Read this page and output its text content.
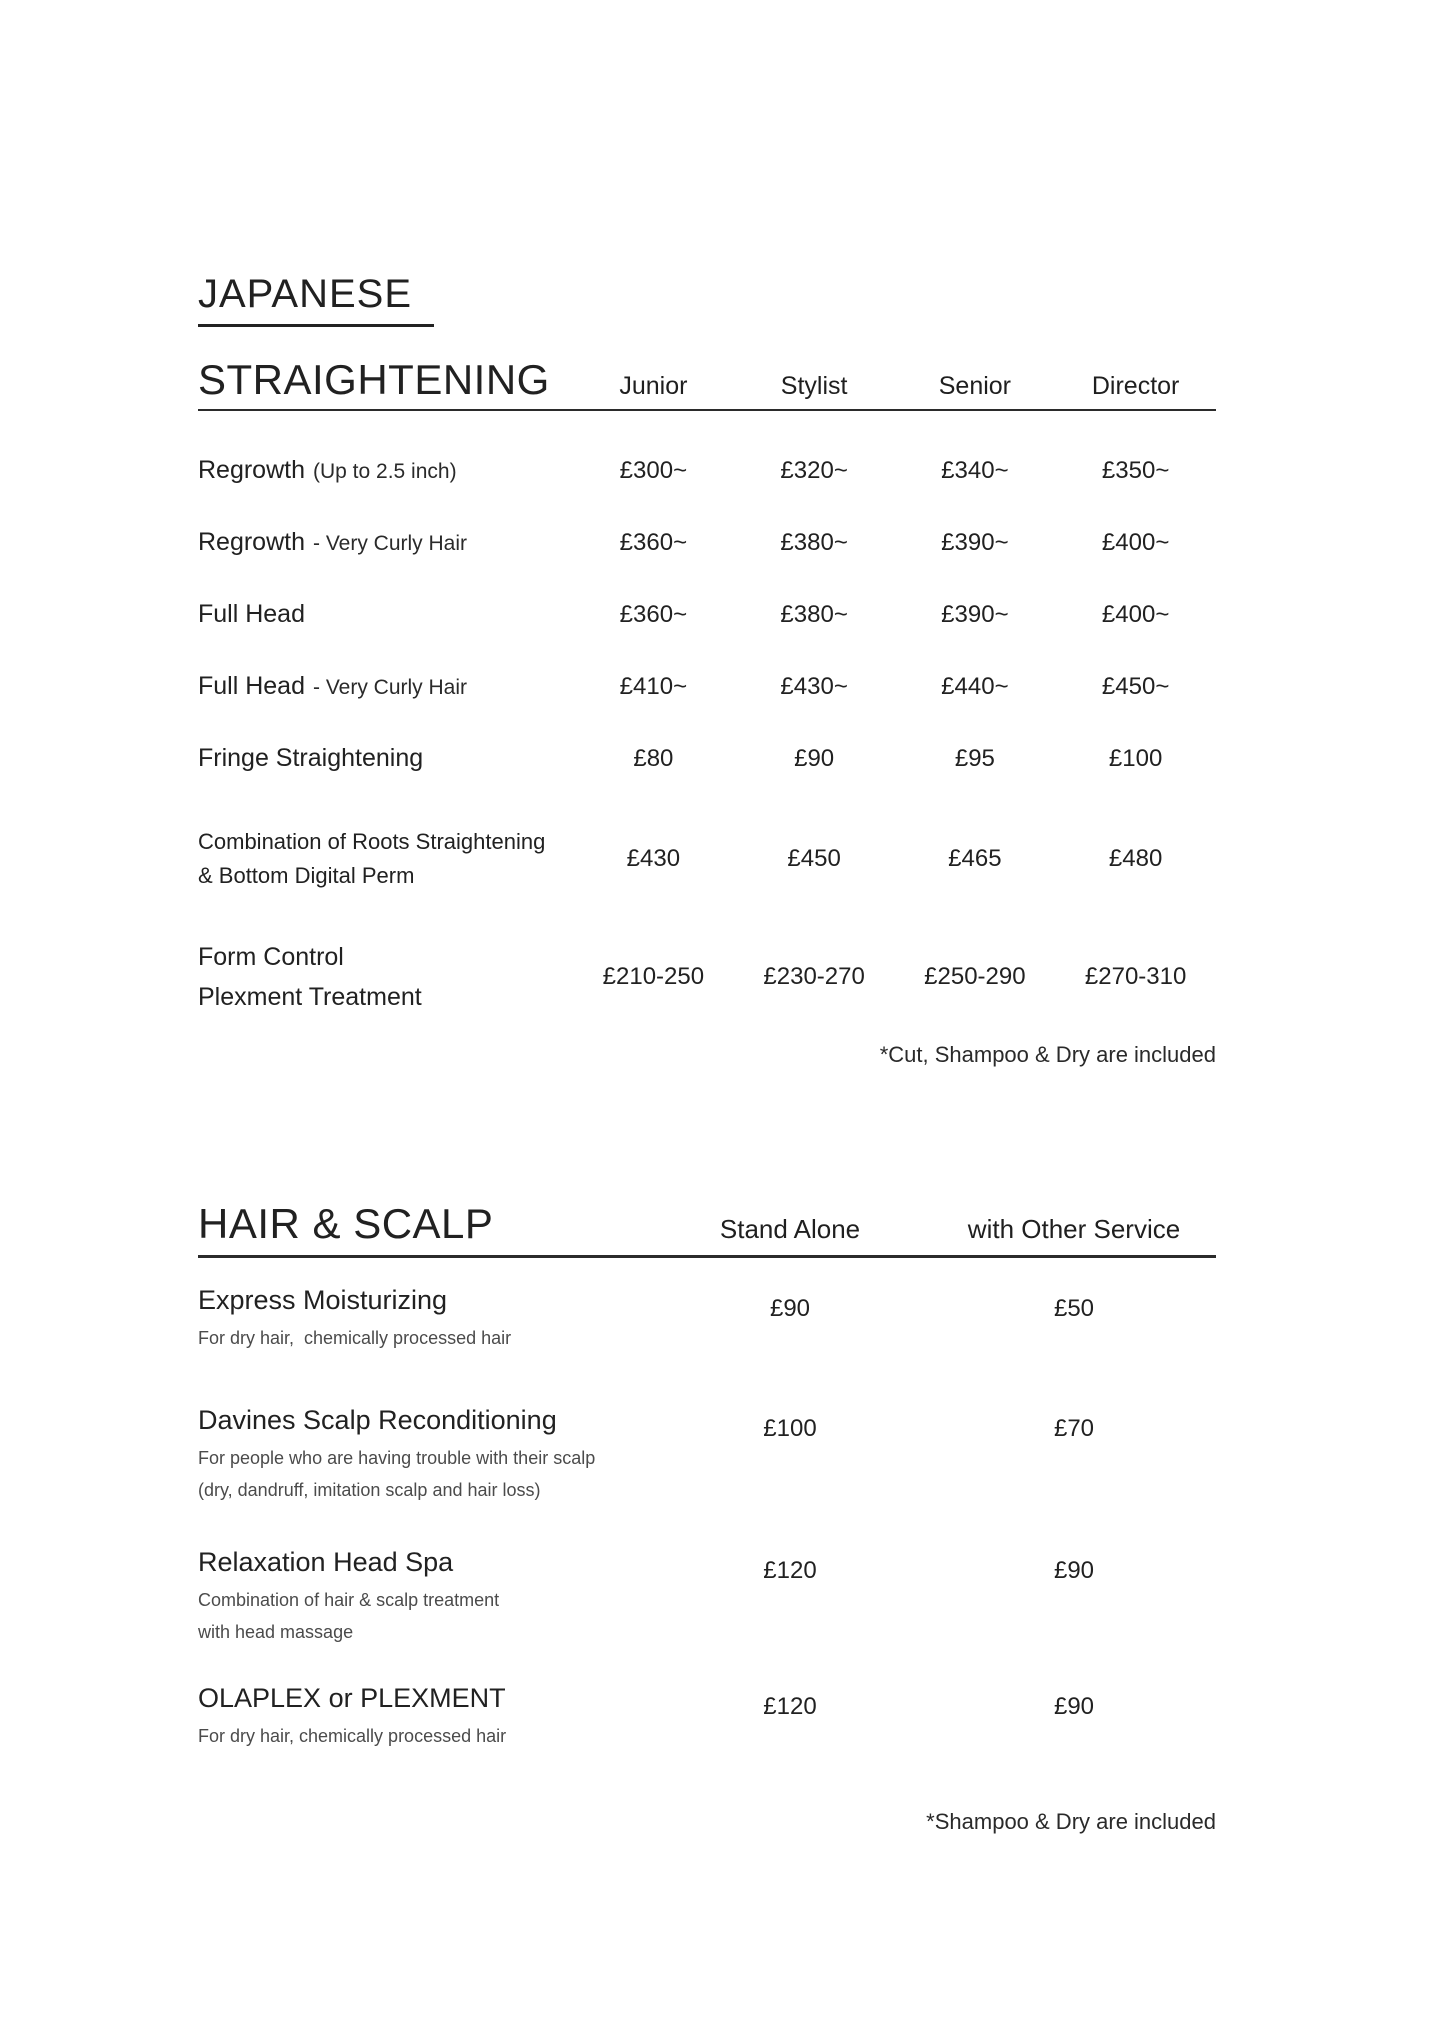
JAPANESE
STRAIGHTENING	Junior	Stylist	Senior	Director
Regrowth (Up to 2.5 inch)	£300~	£320~	£340~	£350~
Regrowth - Very Curly Hair	£360~	£380~	£390~	£400~
Full Head	£360~	£380~	£390~	£400~
Full Head - Very Curly Hair	£410~	£430~	£440~	£450~
Fringe Straightening	£80	£90	£95	£100
Combination of Roots Straightening
& Bottom Digital Perm
£430	£450	£465	£480
Form Control
Plexment Treatment
£210-250	£230-270	£250-290	£270-310
*Cut, Shampoo & Dry are included
HAIR & SCALP	Stand Alone	with Other Service
Express Moisturizing
For dry hair,  chemically processed hair
£90	£50
Davines Scalp Reconditioning
For people who are having trouble with their scalp
(dry, dandruff, imitation scalp and hair loss)
£100	£70
Relaxation Head Spa
Combination of hair & scalp treatment
with head massage
£120	£90
OLAPLEX or PLEXMENT
For dry hair, chemically processed hair
£120	£90
*Shampoo & Dry are included
